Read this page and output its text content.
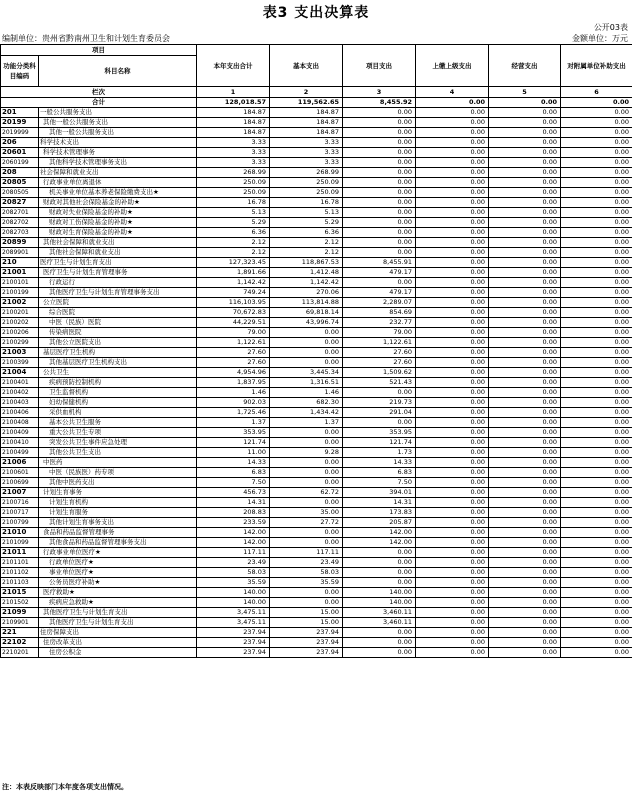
表3 支出决算表
公开03表
编制单位：贵州省黔南州卫生和计划生育委员会	金额单位：万元
项目		本年支出合计	基本支出	项目支出	上缴上级支出	经营支出	对附属单位补助支出
功能分类科目编码	科目名称						

栏次		1	2	3	4	5	6
合计		128,018.57	119,562.65	8,455.92	0.00	0.00	0.00
201	一般公共服务支出	184.87	184.87	0.00	0.00	0.00	0.00
20199	其他一般公共服务支出	184.87	184.87	0.00	0.00	0.00	0.00
2019999	其他一般公共服务支出	184.87	184.87	0.00	0.00	0.00	0.00
206	科学技术支出	3.33	3.33	0.00	0.00	0.00	0.00
20601	科学技术管理事务	3.33	3.33	0.00	0.00	0.00	0.00
2060199	其他科学技术管理事务支出	3.33	3.33	0.00	0.00	0.00	0.00
208	社会保障和就业支出	268.99	268.99	0.00	0.00	0.00	0.00
20805	行政事业单位离退休	250.09	250.09	0.00	0.00	0.00	0.00
2080505	机关事业单位基本养老保险缴费支出★	250.09	250.09	0.00	0.00	0.00	0.00
20827	财政对其他社会保险基金的补助★	16.78	16.78	0.00	0.00	0.00	0.00
2082701	财政对失业保险基金的补助★	5.13	5.13	0.00	0.00	0.00	0.00
2082702	财政对工伤保险基金的补助★	5.29	5.29	0.00	0.00	0.00	0.00
2082703	财政对生育保险基金的补助★	6.36	6.36	0.00	0.00	0.00	0.00
20899	其他社会保障和就业支出	2.12	2.12	0.00	0.00	0.00	0.00
2089901	其他社会保障和就业支出	2.12	2.12	0.00	0.00	0.00	0.00
210	医疗卫生与计划生育支出	127,323.45	118,867.53	8,455.91	0.00	0.00	0.00
21001	医疗卫生与计划生育管理事务	1,891.66	1,412.48	479.17	0.00	0.00	0.00
2100101	行政运行	1,142.42	1,142.42	0.00	0.00	0.00	0.00
2100199	其他医疗卫生与计划生育管理事务支出	749.24	270.06	479.17	0.00	0.00	0.00
21002	公立医院	116,103.95	113,814.88	2,289.07	0.00	0.00	0.00
2100201	综合医院	70,672.83	69,818.14	854.69	0.00	0.00	0.00
2100202	中医（民族）医院	44,229.51	43,996.74	232.77	0.00	0.00	0.00
2100206	传染病医院	79.00	0.00	79.00	0.00	0.00	0.00
2100299	其他公立医院支出	1,122.61	0.00	1,122.61	0.00	0.00	0.00
21003	基层医疗卫生机构	27.60	0.00	27.60	0.00	0.00	0.00
2100399	其他基层医疗卫生机构支出	27.60	0.00	27.60	0.00	0.00	0.00
21004	公共卫生	4,954.96	3,445.34	1,509.62	0.00	0.00	0.00
2100401	疾病预防控制机构	1,837.95	1,316.51	521.43	0.00	0.00	0.00
2100402	卫生监督机构	1.46	1.46	0.00	0.00	0.00	0.00
2100403	妇幼保健机构	902.03	682.30	219.73	0.00	0.00	0.00
2100406	采供血机构	1,725.46	1,434.42	291.04	0.00	0.00	0.00
2100408	基本公共卫生服务	1.37	1.37	0.00	0.00	0.00	0.00
2100409	重大公共卫生专项	353.95	0.00	353.95	0.00	0.00	0.00
2100410	突发公共卫生事件应急处理	121.74	0.00	121.74	0.00	0.00	0.00
2100499	其他公共卫生支出	11.00	9.28	1.73	0.00	0.00	0.00
21006	中医药	14.33	0.00	14.33	0.00	0.00	0.00
2100601	中医（民族医）药专项	6.83	0.00	6.83	0.00	0.00	0.00
2100699	其他中医药支出	7.50	0.00	7.50	0.00	0.00	0.00
21007	计划生育事务	456.73	62.72	394.01	0.00	0.00	0.00
2100716	计划生育机构	14.31	0.00	14.31	0.00	0.00	0.00
2100717	计划生育服务	208.83	35.00	173.83	0.00	0.00	0.00
2100799	其他计划生育事务支出	233.59	27.72	205.87	0.00	0.00	0.00
21010	食品和药品监督管理事务	142.00	0.00	142.00	0.00	0.00	0.00
2101099	其他食品和药品监督管理事务支出	142.00	0.00	142.00	0.00	0.00	0.00
21011	行政事业单位医疗★	117.11	117.11	0.00	0.00	0.00	0.00
2101101	行政单位医疗★	23.49	23.49	0.00	0.00	0.00	0.00
2101102	事业单位医疗★	58.03	58.03	0.00	0.00	0.00	0.00
2101103	公务员医疗补助★	35.59	35.59	0.00	0.00	0.00	0.00
21015	医疗救助★	140.00	0.00	140.00	0.00	0.00	0.00
2101502	疾病应急救助★	140.00	0.00	140.00	0.00	0.00	0.00
21099	其他医疗卫生与计划生育支出	3,475.11	15.00	3,460.11	0.00	0.00	0.00
2109901	其他医疗卫生与计划生育支出	3,475.11	15.00	3,460.11	0.00	0.00	0.00
221	住房保障支出	237.94	237.94	0.00	0.00	0.00	0.00
22102	住房改革支出	237.94	237.94	0.00	0.00	0.00	0.00
2210201	住房公积金	237.94	237.94	0.00	0.00	0.00	0.00
注：本表反映部门本年度各项支出情况。
